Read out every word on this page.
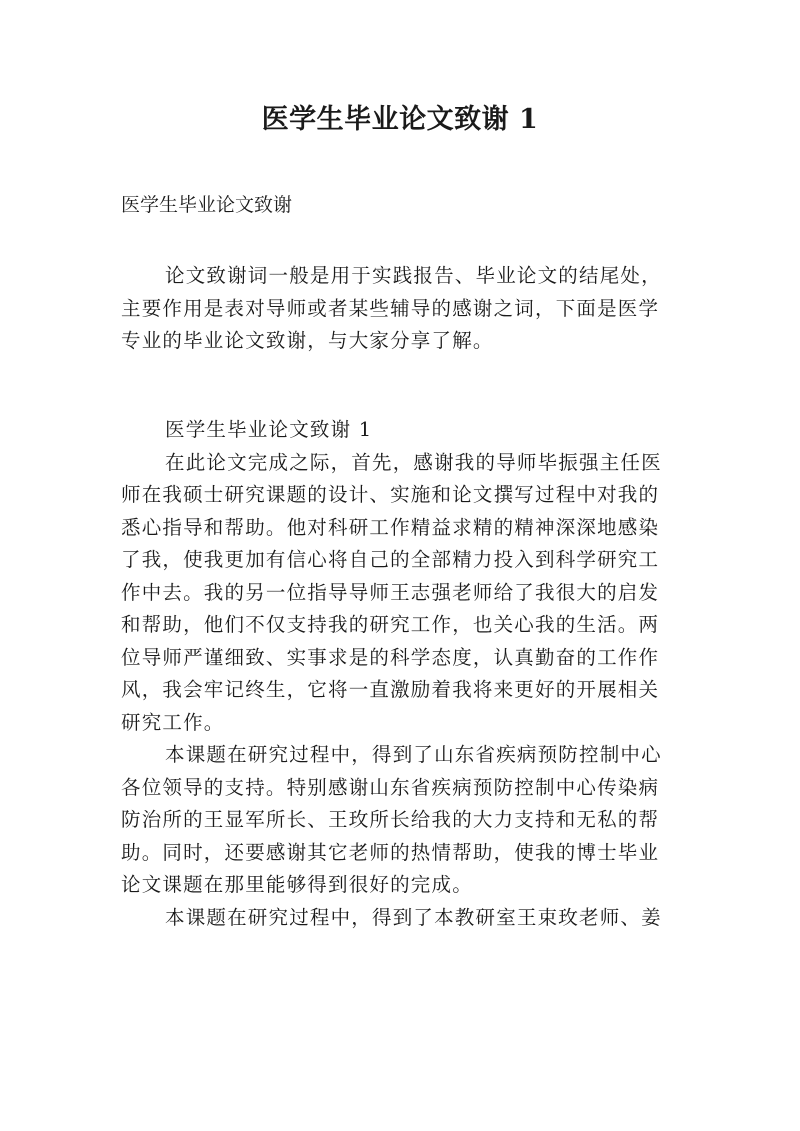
医学生毕业论文致谢 1
医学生毕业论文致谢
论文致谢词一般是用于实践报告、毕业论文的结尾处，
主要作用是表对导师或者某些辅导的感谢之词，下面是医学
专业的毕业论文致谢，与大家分享了解。
医学生毕业论文致谢 1

在此论文完成之际，首先，感谢我的导师毕振强主任医
师在我硕士研究课题的设计、实施和论文撰写过程中对我的
悉心指导和帮助。他对科研工作精益求精的精神深深地感染
了我，使我更加有信心将自己的全部精力投入到科学研究工
作中去。我的另一位指导导师王志强老师给了我很大的启发
和帮助，他们不仅支持我的研究工作，也关心我的生活。两
位导师严谨细致、实事求是的科学态度，认真勤奋的工作作
风，我会牢记终生，它将一直激励着我将来更好的开展相关
研究工作。

本课题在研究过程中，得到了山东省疾病预防控制中心
各位领导的支持。特别感谢山东省疾病预防控制中心传染病
防治所的王显军所长、王玫所长给我的大力支持和无私的帮
助。同时，还要感谢其它老师的热情帮助，使我的博士毕业
论文课题在那里能够得到很好的完成。

本课题在研究过程中，得到了本教研室王束玫老师、姜
